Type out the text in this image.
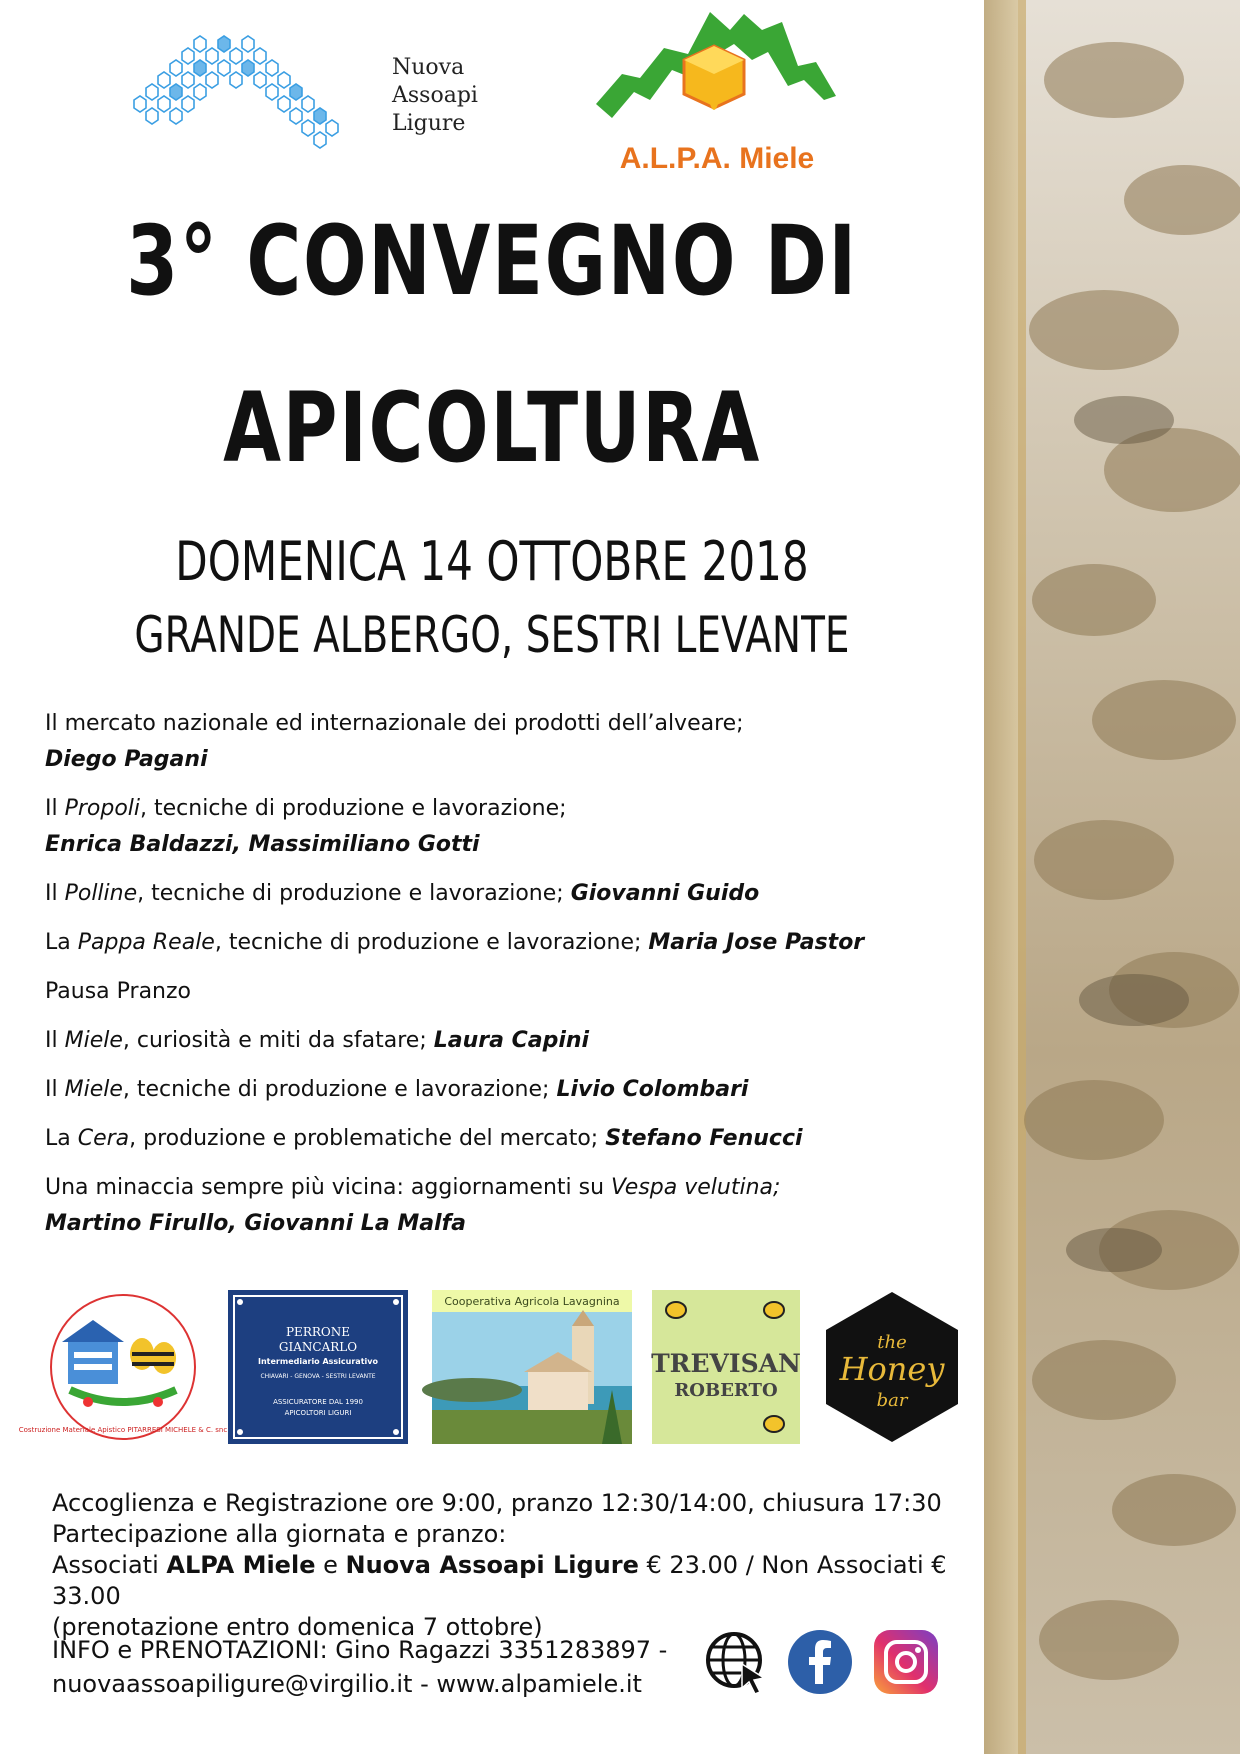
Nuova
Assoapi
Ligure
A.L.P.A. Miele
3° CONVEGNO DI
APICOLTURA
DOMENICA 14 OTTOBRE 2018
GRANDE ALBERGO, SESTRI LEVANTE
Il mercato nazionale ed internazionale dei prodotti dell’alveare;
Diego Pagani
Il Propoli, tecniche di produzione e lavorazione;
Enrica Baldazzi, Massimiliano Gotti
Il Polline, tecniche di produzione e lavorazione; Giovanni Guido
La Pappa Reale, tecniche di produzione e lavorazione; Maria Jose Pastor
Pausa Pranzo
Il Miele, curiosità e miti da sfatare; Laura Capini
Il Miele, tecniche di produzione e lavorazione; Livio Colombari
La Cera, produzione e problematiche del mercato; Stefano Fenucci
Una minaccia sempre più vicina: aggiornamenti su Vespa velutina;
Martino Firullo, Giovanni La Malfa
Costruzione Materiale Apistico PITARRESI MICHELE & C. snc
PERRONE
GIANCARLO
Intermediario Assicurativo
CHIAVARI - GENOVA - SESTRI LEVANTE
ASSICURATORE DAL 1990
APICOLTORI LIGURI
Cooperativa Agricola Lavagnina
TREVISAN
ROBERTO
the
Honey
bar
Accoglienza e Registrazione ore 9:00, pranzo 12:30/14:00, chiusura 17:30
Partecipazione alla giornata e pranzo:
Associati ALPA Miele e Nuova Assoapi Ligure € 23.00 / Non Associati € 33.00
(prenotazione entro domenica 7 ottobre)
INFO e PRENOTAZIONI: Gino Ragazzi 3351283897 -
nuovaassoapiligure@virgilio.it - www.alpamiele.it
